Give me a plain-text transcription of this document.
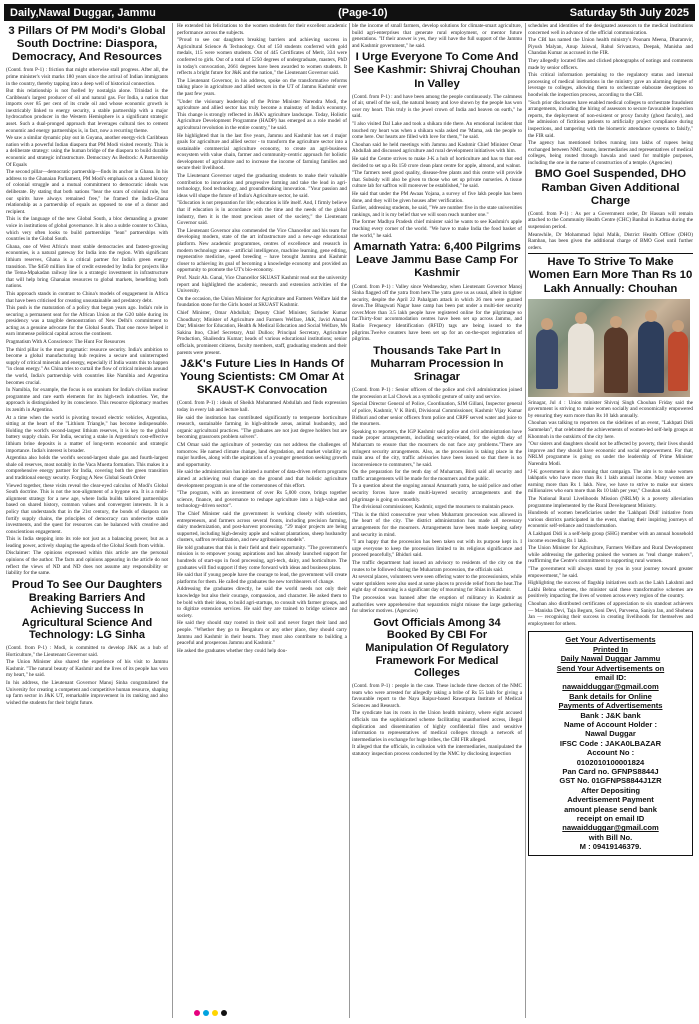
Daily,Nawal Duggar, Jammu	(Page-10)	Saturday 5th July 2025
3 Pillars Of PM Modi's Global South Doctrine: Diaspora, Democracy, And Resources

(Contd. from P-1) : friction that might otherwise stall progress. After all, the prime minister's visit marks 180 years since the arrival of Indian immigrants in the country, thereby tapping into a deep well of historical connection.

But this relationship is not fuelled by nostalgia alone. Trinidad is the Caribbean's largest producer of oil and natural gas. For India, a nation that imports over 85 per cent of its crude oil and whose economic growth is inextricably linked to energy security, a stable partnership with a major hydrocarbon producer in the Western Hemisphere is a significant strategic asset. Such a dual-pronged approach that leverages cultural ties to cement economic and energy partnerships is, in fact, now a recurring theme.

We saw a similar dynamic play out in Guyana, another energy-rich Caribbean nation with a powerful Indian diaspora that PM Modi visited recently. This is a deliberate strategy: using the human bridge of the diaspora to build durable economic and strategic infrastructure. Democracy As Bedrock: A Partnership Of Equals

The second pillar—democratic partnership—finds its anchor in Ghana. In his address to the Ghanaian Parliament, PM Modi's emphasis on a shared history of colonial struggle and a mutual commitment to democratic ideals was deliberate. By stating that both nations "bear the scars of colonial rule, but our spirits have always remained free," he framed the India-Ghana relationship as a partnership of equals as opposed to one of a donor and recipient.

This is the language of the new Global South, a bloc demanding a greater voice in institutions of global governance. It is also a subtle counter to China, which very often looks to build partnerships "lean" partnerships with countries in the Global South.

Ghana, one of West Africa's most stable democracies and fastest-growing economies, is a natural gateway for India into the region. With significant lithium reserves, Ghana is a critical partner for India's green energy transition. The $450 million line of credit extended by India for projects like the Tema-Mpakadan railway line is a strategic investment in infrastructure that will help bring Ghanaian resources to global markets, benefiting both nations.

This approach stands in contrast to China's models of engagement in Africa that have been criticised for creating unsustainable and predatory debt.

This push is the maturation of a policy that began years ago. India's role in securing a permanent seat for the African Union at the G20 table during its presidency was a tangible demonstration of New Delhi's commitment to acting as a genuine advocate for the Global South. That one move helped it earn immense political capital across the continent.

Pragmatism With A Conscience: The Hunt For Resources

The third pillar is the most pragmatic: resource security. India's ambition to become a global manufacturing hub requires a secure and uninterrupted supply of critical minerals and energy, especially if India wants this to happen "in clean energy." As China tries to curtail the flow of critical minerals around the world, India's partnership with countries like Namibia and Argentina becomes crucial.

In Namibia, for example, the focus is on uranium for India's civilian nuclear programme and rare earth elements for its high-tech industries. Yet, the approach is distinguished by its conscience. This resource diplomacy reaches its zenith in Argentina.

At a time when the world is pivoting toward electric vehicles, Argentina, sitting at the heart of the "Lithium Triangle," has become indispensable. Holding the world's second-largest lithium reserves, it is key to the global battery supply chain. For India, securing a stake in Argentina's cost-effective lithium brine deposits is a matter of long-term economic and strategic importance. India's interest is broader.

Argentina also holds the world's second-largest shale gas and fourth-largest shale oil reserves, most notably in the Vaca Muerta formation. This makes it a comprehensive energy partner for India, covering both the green transition and traditional energy security. Forging A New Global South Order

Viewed together, these visits reveal the clear-eyed calculus of Modi's Global South doctrine. This is not the non-alignment of a bygone era. It is a multi-alignment strategy for a new age, where India builds tailored partnerships based on shared history, common values and convergent interests. It is a policy that understands that in the 21st century, the bonds of diaspora can fortify supply chains, the principles of democracy can underwrite stable investments, and the quest for resources can be balanced with creative and conscientious engagement.

This is India stepping into its role not just as a balancing power, but as a leading power, actively shaping the agenda of the Global South from within.

Disclaimer: The opinions expressed within this article are the personal opinions of the author. The facts and opinions appearing in the article do not reflect the views of ND and ND does not assume any responsibility or liability for the same.

Proud To See Our Daughters Breaking Barriers And Achieving Success In Agricultural Science And Technology: LG Sinha

(Contd. from P-1) : Modi, is committed to develop J&K as a hub of Horticulture," the Lieutenant Governor said.

The Union Minister also shared the experience of his visit to Jammu Kashmir. "The natural beauty of Kashmir and the lives of its people has won my heart," he said.

In his address, the Lieutenant Governor Manoj Sinha congratulated the University for creating a competent and competitive human resource, shaping up farm sector in J&K UT, remarkable improvement in its ranking and also wished the students for their bright future.

He extended his felicitations to the women students for their excellent academic performance across the subjects.

"Proud to see our daughters breaking barriers and achieving success in Agricultural Science & Technology. Out of 150 students conferred with gold medals, 115 were women students. Out of 445 Certificates of Merit, 334 were conferred to girls. Out of a total of 5250 degrees of undergraduate, masters, PhD in today's convocation, 2661 degrees have been awarded to women students. It reflects a bright future for J&K and the nation," the Lieutenant Governor said.

The Lieutenant Governor, in his address, spoke on the transformative reforms taking place in agriculture and allied sectors in the UT of Jammu Kashmir over the past few years.

"Under the visionary leadership of the Prime Minister Narendra Modi, the agriculture and allied sector has truly become a mainstay of India's economy. This change is strongly reflected in J&K's agriculture landscape. Today, Holistic Agriculture Development Programme (HADP) has emerged as a role model of agricultural revolution in the entire country," he said.

He highlighted that in the last five years, Jammu and Kashmir has set 4 major goals for agriculture and allied sector - to transform the agriculture sector into a sustainable commercial agriculture economy, to create an agri-business ecosystem with value chain, farmer and community-centric approach for holistic development of agriculture and to increase the income of farming families and secure their livelihood.

The Lieutenant Governor urged the graduating students to make their valuable contribution to innovation and progressive farming and take the lead in agri-technology, food technology, and groundbreaking innovation. "Your passion and ideas will shape the future of India's Agriculture sector, he said.

"Education is not preparation for life; education is life itself. And, I firmly believe that if education is in accordance with the time and the needs of the global industry, then it is the most precious asset of the society," the Lieutenant Governor said.

The Lieutenant Governor also commended the Vice Chancellor and his team for developing modern, state of the art infrastructure and a new-age educational platform. New academic programmes, centres of excellence and research in modern technology areas – artificial intelligence, machine learning, gene editing, regenerative medicine, speed breeding – have brought Jammu and Kashmir closer to achieving its goal of becoming a knowledge economy and provided an opportunity to promote the UT's bio-economy.

Prof. Nazir Ah. Ganai, Vice Chancellor SKUAST Kashmir read out the university report and highlighted the academic, research and extension activities of the University.

On the occasion, the Union Minister for Agriculture and Farmers Welfare laid the foundation stone for the Girls hostel at SKUAST Kashmir.

Chief Minister, Omar Abdullah; Deputy Chief Minister, Surinder Kumar Choudhary; Minister of Agriculture and Farmers Welfare, J&K, Javid Ahmad Dar; Minister for Education, Health & Medical Education and Social Welfare, Ms Sakina Itoo, Chief Secretary, Atal Dulloo; Principal Secretary, Agriculture Production, Shailendra Kumar; heads of various educational institutions; senior officials, prominent citizens, faculty members, staff, graduating students and their parents were present.

J&K's Future Lies In Hands Of Young Scientists: CM Omar At SKAUST-K Convocation

(Contd. from P-1) : ideals of Sheikh Mohammed Abdullah and finds expression today in every lab and lecture hall.

He said the institution has contributed significantly to temperate horticulture research, sustainable farming in high-altitude areas, animal husbandry, and organic agricultural practices. "The graduates are not just degree holders but are becoming grassroots problem solvers".

CM Omar said the agriculture of yesterday can not address the challenges of tomorrow. He named climate change, land degradation, and market volatility as major hurdles, along with the aspirations of a younger generation seeking growth and opportunity.

He said the administration has initiated a number of data-driven reform programs aimed at achieving real change on the ground and that holistic agriculture development program is one of the cornerstones of this effort.

"The program, with an investment of over Rs 5,000 crore, brings together science, finance, and governance to reshape agriculture into a high-value and technology-driven sector".

The Chief Minister said the government is working closely with scientists, entrepreneurs, and farmers across several fronts, including precision farming, dairy modernization, and post-harvest processing. "29 major projects are being supported, including high-density apple and walnut plantations, sheep husbandry clusters, saffron revitalization, and new agribusiness models".

He told graduates that this is their field and their opportunity. "The government's mission is to empower young aspirations and has already launched support for hundreds of start-ups in food processing, agri-tech, dairy, and horticulture. The graduates will find support if they come forward with ideas and business plans.

He said that if young people have the courage to lead, the government will create platforms for them. He called the graduates the new torchbearers of change.

Addressing the graduates directly, he said the world needs not only their knowledge but also their courage, compassion, and character. He asked them to be bold with their ideas, to build agri-startups, to consult with farmer groups, and to digitize extension services. He said they are trained to bridge science and society.

He said they should stay rooted in their soil and never forget their land and people. "Whether they go to Bengaluru or any other place, they should carry Jammu and Kashmir in their hearts. They must also contribute to building a peaceful and prosperous Jammu and Kashmir."

He asked the graduates whether they could help dou-

ble the income of small farmers, develop solutions for climate-smart agriculture, build agri-enterprises that generate rural employment, or mentor future generations. "If their answer is yes, they will have the full support of the Jammu and Kashmir government," he said.

I Urge Everyone To Come And See Kashmir: Shivraj Chouhan In Valley

(Contd. from P-1) : and have been among the people continuously. The calmness of air, smell of the soil, the natural beauty and love shown by the people has won over my heart. This truly is the jewel crown of India and heaven on earth," he said.

"I also visited Dal Lake and took a shikara ride there. An emotional incident that touched my heart was when a shikara wala asked me 'Mama, ask the people to come here. Our hearts are filled with love for them,'" he said.

Chouhan said he held meetings with Jammu and Kashmir Chief Minister Omar Abdullah and discussed agriculture and rural development initiatives with him.

He said the Centre strives to make J-K a hub of horticulture and has to that end decided to set up a Rs 150 crore clean plant centre for apple, almond, and walnut.

"The farmers need good quality, disease-free plants and this centre will provide that. Subsidy will also be given to those who set up private nurseries. A tissue culture lab for saffron will moreover be established," he said.

He said that under the PM Awaas Yojana, a survey of five lakh people has been done, and they will be given houses after verification.

Earlier, addressing students, he said, "We are number five in the state universities rankings, and it is my belief that we will soon reach number one."

The former Madhya Pradesh chief minister said he wants to see Kashmir's apple reaching every corner of the world. "We have to make India the food basket of the world," he said.

Amarnath Yatra: 6,400 Pilgrims Leave Jammu Base Camp For Kashmir

(Contd. from P-1) : Valley since Wednesday, when Lieutenant Governor Manoj Sinha flagged off the yatra from here.The yatra gave us as usual, albeit in tighter security, despite the April 22 Pahalgam attack in which 26 men were gunned down.The Bhagwati Nagar base camp has been put under a multi-tier security cover.More than 3.5 lakh people have registered online for the pilgrimage so far.Thirty-four accommodation centres have been set up across Jammu, and Radio Frequency Identification (RFID) tags are being issued to the pilgrims.Twelve counters have been set up for an on-the-spot registration of pilgrims.

Thousands Take Part In Muharram Procession In Srinagar

(Contd. from P-1) : Senior officers of the police and civil administration joined the procession at Lal Chowk as a symbolic gesture of unity and service.

Special Director General of Police, Coordination, SJM Gillani, Inspector general of police, Kashmir, V K Birdi, Divisional Commissioner, Kashmir Vijay Kumar Bidhuri and other senior officers from police and CRPF served water and juice to the mourners.

Speaking to reporters, the IGP Kashmir said police and civil administration have made proper arrangements, including security-related, for the eighth day of Muharram to ensure that the mourners do not face any problems."There are stringent security arrangements. Also, as the procession is taking place in the main area of the city, traffic advisories have been issued so that there is no inconvenience to commuters," he said.

On the preparation for the tenth day of Muharram, Birdi said all security and traffic arrangements will be made for the mourners and the public.

To a question about the ongoing annual Amarnath yatra, he said police and other security forces have made multi-layered security arrangements and the pilgrimage is going on smoothly.

The divisional commissioner, Kashmir, urged the mourners to maintain peace.

"This is the third consecutive year when Muharram procession was allowed in the heart of the city. The district administration has made all necessary arrangements for the mourners. Arrangements have been made keeping safety and security in mind.

"I am happy that the procession has been taken out with its purpose kept in. I urge everyone to keep the procession limited to its religious significance and proceed peacefully," Bhiduri said.

The traffic department had issued an advisory to residents of the city on the routes to be followed during the Muharram procession, the officials said.

At several places, volunteers were seen offering water to the processionists, while water sprinklers were also used at some places to provide relief from the heat.The eight day of mourning is a significant day of mourning for Shias in Kashmir.

The procession was banned after the eruption of militancy in Kashmir as authorities were apprehensive that separatists might misuse the large gathering for ulterior motives. (Agencies)

Govt Officials Among 34 Booked By CBI For Manipulation Of Regulatory Framework For Medical Colleges

(Contd. from P-1) : people in the case. These include three doctors of the NMC team who were arrested for allegedly taking a bribe of Rs 55 lakh for giving a favourable report to the Naya Raipur-based Rawatpura Institute of Medical Sciences and Research.

The syndicate has its roots in the Union health ministry, where eight accused officials ran the sophisticated scheme facilitating unauthorised access, illegal duplication and dissemination of highly confidential files and sensitive information to representatives of medical colleges through a network of intermediaries in exchange for huge bribes, the CBI FIR alleged.

It alleged that the officials, in collusion with the intermediaries, manipulated the statutory inspection process conducted by the NMC by disclosing inspection

schedules and identities of the designated assessors to the medical institutions concerned well in advance of the official communication.

The CBI has named the Union health ministry's Poonam Meena, Dharamvir, Piyush Malyan, Anup Jaiswal, Rahul Srivastava, Deepak, Manisha and Chandan Kumar as accused in the FIR.

They allegedly located files and clicked photographs of notings and comments made by senior officers.

This critical information pertaining to the regulatory status and internal processing of medical institutions in the ministry gave an alarming degree of leverage to colleges, allowing them to orchestrate elaborate deceptions to hoodwink the inspection process, according to the CBI.

"Such prior disclosures have enabled medical colleges to orchestrate fraudulent arrangements, including the hiring of assessors to secure favourable inspection reports, the deployment of non-existent or proxy faculty (ghost faculty), and the admission of fictitious patients to artificially project compliance during inspections, and tampering with the biometric attendance systems to falsify," the FIR said.

The agency has mentioned bribes running into lakhs of rupees being exchanged between NMC teams, intermediaries and representatives of medical colleges, being routed through hawala and used for multiple purposes, including the one in the name of construction of a temple. (Agencies)

BMO Goel Suspended, DHO Ramban Given Additional Charge

(Contd. from P-1) : As per a Government order, Dr Hassan will remain attached to the Community Health Centre (CHC) Banihal in Kathua during the suspension period.

Meanwhile, Dr Mohammad Iqbal Malik, District Health Officer (DHO) Ramban, has been given the additional charge of BMO Goel until further orders.

Have To Strive To Make Women Earn More Than Rs 10 Lakh Annually: Chouhan

Srinagar, Jul 4 : Union minister Shivraj Singh Chouhan Friday said the government is striving to make women socially and economically empowered by ensuring they earn more than Rs 10 lakh annually.

Chouhan was talking to reporters on the sidelines of an event, "Lakhpati Didi Sammelan", that celebrated the achievements of women-led self-help groups at Khonmoh in the outskirts of the city here.

"Our sisters and daughters should not be affected by poverty, their lives should improve and they should have economic and social empowerment. For that, NRLM programme is going on under the leadership of Prime Minister Narendra Modi.

"J-K government is also running that campaign. The aim is to make women lakhpatis who have more than Rs 1 lakh annual income. Many women are earning more than Rs 1 lakh. Now, we have to strive to make our sisters millionaires who earn more than Rs 10 lakh per year," Chouhan said.

The National Rural Livelihoods Mission (NRLM) is a poverty alleviation programme implemented by the Rural Development Ministry.

Hundreds of women beneficiaries under the 'Lakhpati Didi' initiative from various districts participated in the event, sharing their inspiring journeys of economic self-reliance and transformation.

A Lakhpati Didi is a self-help group (SHG) member with an annual household income exceeding Rs 1 lakh.

The Union Minister for Agriculture, Farmers Welfare and Rural Development while addressing the gathering praised the women as "real change makers", reaffirming the Centre's commitment to supporting rural women.

"The government will always stand by you in your journey toward greater empowerment," he said.

Highlighting the success of flagship initiatives such as the Lakh Lakshmi and Lakhi Behna schemes, the minister said these transformative schemes are positively impacting the lives of women across every region of the country.

Chouhan also distributed certificates of appreciation to six standout achievers — Manisha Devi, Taja Begum, Soni Devi, Parveena, Saniya Jan, and Shobena Jan — recognising their success in creating livelihoods for themselves and employment for others.

Get Your Advertisements
Printed In
Daily Nawal Duggar Jammu
Send Your Advertisements on
email ID:
nawaidduggar@gmail.com
Bank details for Online
Payments of Advertisements
Bank : J&K bank
Name of Account Holder :
Nawal Duggar
IFSC Code : JAKA0LBAZAR
Account No :
0102010100001824
Pan Card no. GFNPS8844J
GST No. 01GFNPS8844J1ZR
After Depositing
Advertisement Payment
amount please send bank
receipt on email ID
nawaidduggar@gmail.com
with Bill No.
M : 09419146379.
